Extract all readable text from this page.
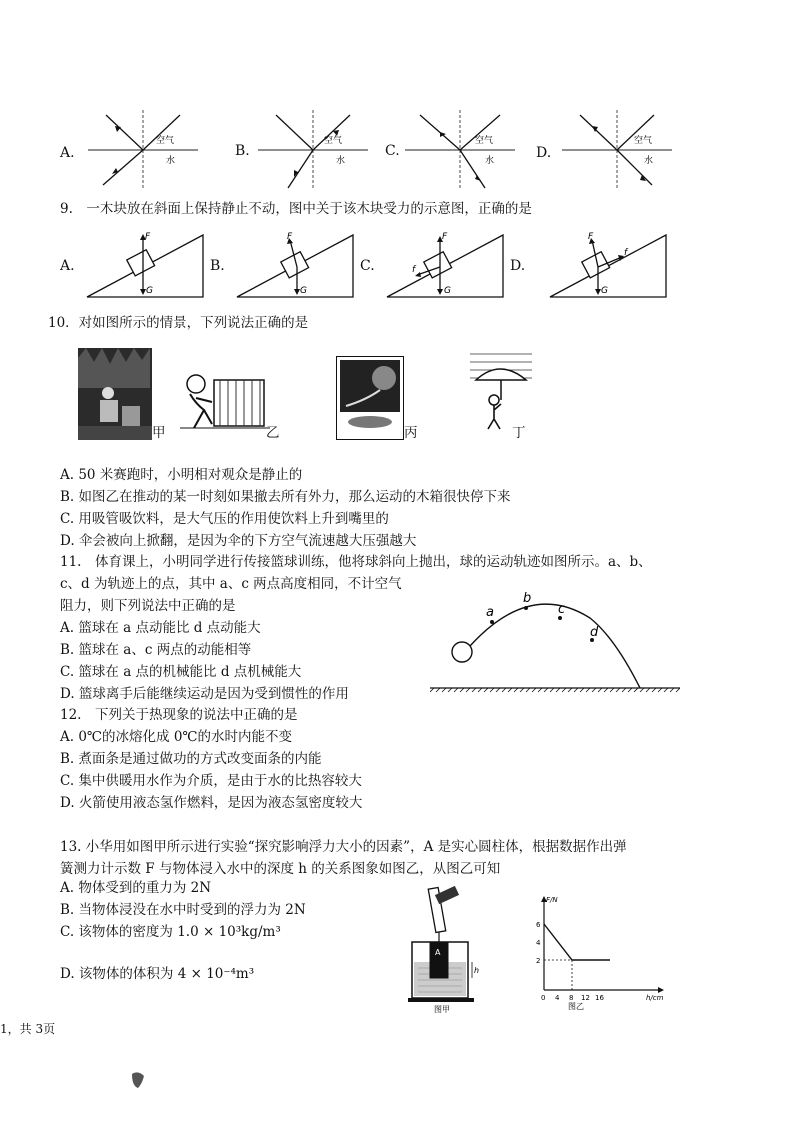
A.
空气
水
B.
空气
水
C.
空气
水	D.
空气
水
9.　一木块放在斜面上保持静止不动，图中关于该木块受力的示意图，正确的是
A.
F
G
B.
F
G
C.	f
F
G
D.
F
f
G
10．对如图所示的情景，下列说法正确的是
甲	乙	丙	丁
A. 50 米赛跑时，小明相对观众是静止的
B. 如图乙在推动的某一时刻如果撤去所有外力，那么运动的木箱很快停下来
C. 用吸管吸饮料，是大气压的作用使饮料上升到嘴里的
D. 伞会被向上掀翻，是因为伞的下方空气流速越大压强越大
11.　体育课上，小明同学进行传接篮球训练，他将球斜向上抛出，球的运动轨迹如图所示。a、b、
c、d 为轨迹上的点，其中 a、c 两点高度相同，不计空气
阻力，则下列说法中正确的是	a
b
c
d
A. 篮球在 a 点动能比 d 点动能大
B. 篮球在 a、c 两点的动能相等
C. 篮球在 a 点的机械能比 d 点机械能大
D. 篮球离手后能继续运动是因为受到惯性的作用
12.　下列关于热现象的说法中正确的是
A. 0℃的冰熔化成 0℃的水时内能不变
B. 煮面条是通过做功的方式改变面条的内能
C. 集中供暖用水作为介质，是由于水的比热容较大
D. 火箭使用液态氢作燃料，是因为液态氢密度较大
13. 小华用如图甲所示进行实验“探究影响浮力大小的因素”，A 是实心圆柱体，根据数据作出弹
簧测力计示数 F 与物体浸入水中的深度 h 的关系图象如图乙，从图乙可知
A. 物体受到的重力为 2N
B. 当物体浸没在水中时受到的浮力为 2N
C. 该物体的密度为 1.0 × 10³kg/m³
D. 该物体的体积为 4 × 10⁻⁴m³
A
h
图甲
F/N
h/cm
6
4
2
0 4 8 12 16
图乙
1，共 3页
